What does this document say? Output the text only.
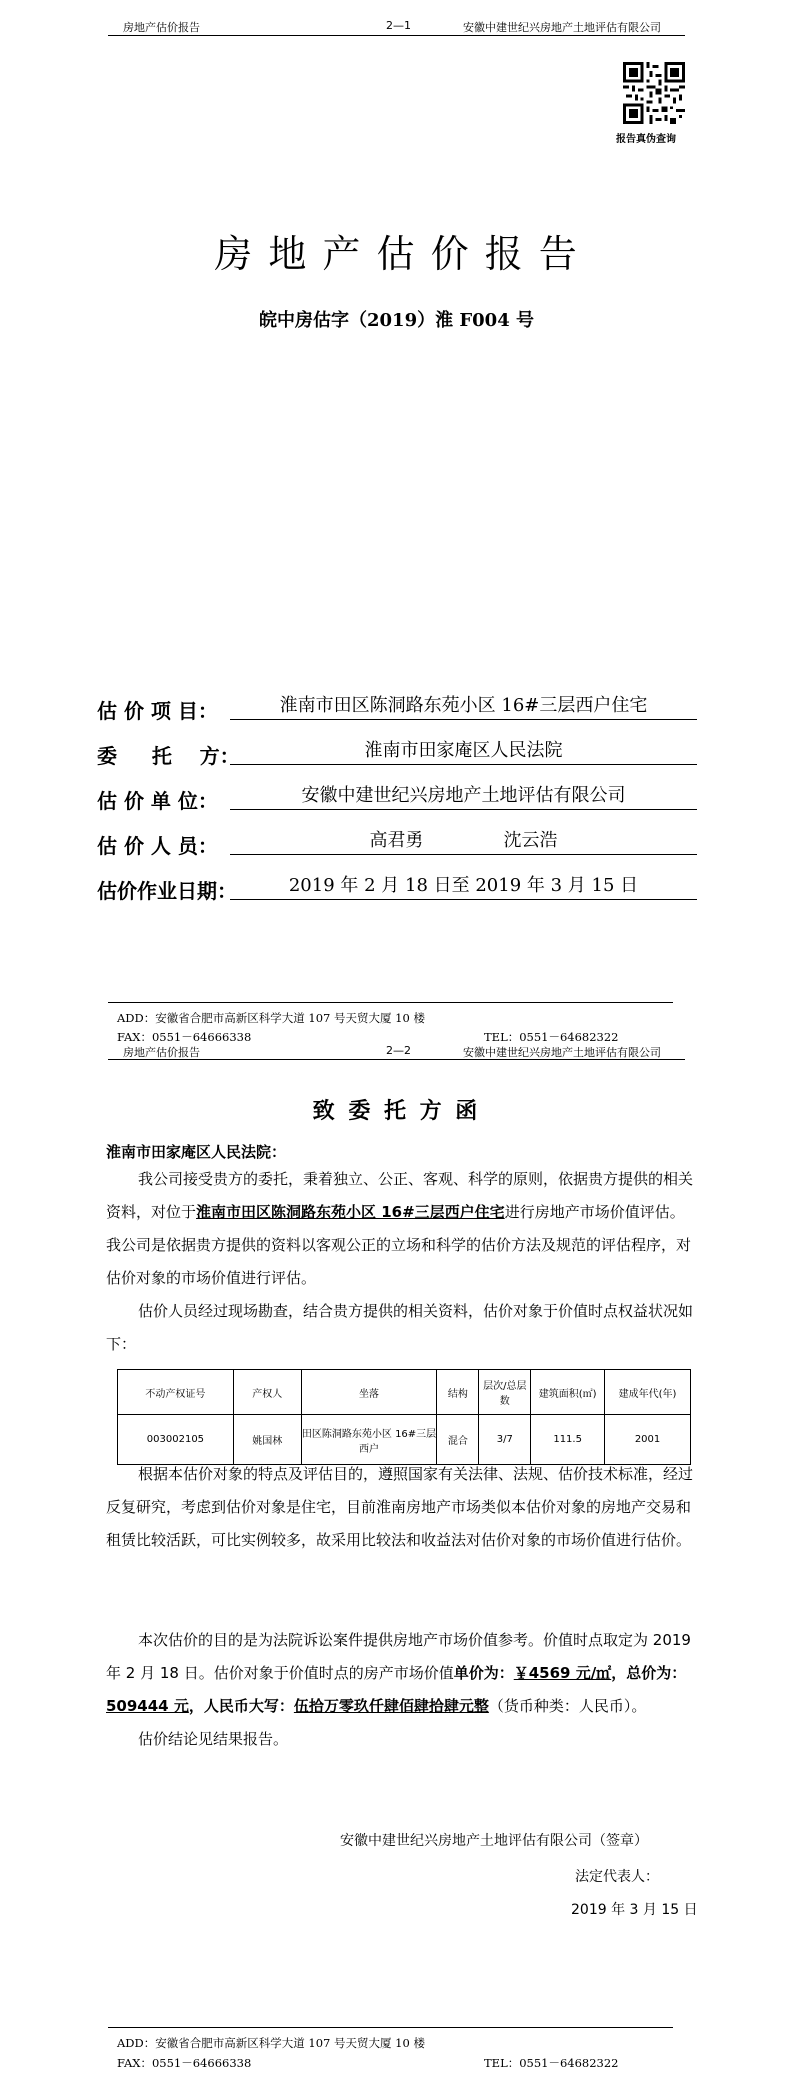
房地产估价报告	2—1	安徽中建世纪兴房地产土地评估有限公司
报告真伪查询
房 地 产 估 价 报 告
皖中房估字（2019）淮 F004 号
估 价 项 目：	淮南市田区陈洞路东苑小区 16#三层西户住宅
委     托    方：	淮南市田家庵区人民法院
估 价 单 位：	安徽中建世纪兴房地产土地评估有限公司
估 价 人 员：	高君勇              沈云浩
估价作业日期：	2019 年 2 月 18 日至 2019 年 3 月 15 日
ADD：安徽省合肥市高新区科学大道 107 号天贸大厦 10 楼
FAX：0551－64666338	TEL：0551－64682322
房地产估价报告	2—2	安徽中建世纪兴房地产土地评估有限公司
致 委 托 方 函
淮南市田家庵区人民法院：
我公司接受贵方的委托，秉着独立、公正、客观、科学的原则，依据贵方提供的相关资料，对位于淮南市田区陈洞路东苑小区 16#三层西户住宅进行房地产市场价值评估。我公司是依据贵方提供的资料以客观公正的立场和科学的估价方法及规范的评估程序，对估价对象的市场价值进行评估。
估价人员经过现场勘查，结合贵方提供的相关资料，估价对象于价值时点权益状况如下：
不动产权证号	产权人	坐落	结构	层次/总层数	建筑面积(㎡)	建成年代(年)
003002105	姚国林	田区陈洞路东苑小区 16#三层西户	混合	3/7	111.5	2001
根据本估价对象的特点及评估目的，遵照国家有关法律、法规、估价技术标准，经过反复研究，考虑到估价对象是住宅，目前淮南房地产市场类似本估价对象的房地产交易和租赁比较活跃，可比实例较多，故采用比较法和收益法对估价对象的市场价值进行估价。
本次估价的目的是为法院诉讼案件提供房地产市场价值参考。价值时点取定为 2019 年 2 月 18 日。估价对象于价值时点的房产市场价值单价为：￥4569 元/㎡，总价为：509444 元，人民币大写：伍拾万零玖仟肆佰肆拾肆元整（货币种类：人民币）。
估价结论见结果报告。
安徽中建世纪兴房地产土地评估有限公司（签章）
法定代表人：
2019 年 3 月 15 日
ADD：安徽省合肥市高新区科学大道 107 号天贸大厦 10 楼
FAX：0551－64666338	TEL：0551－64682322
